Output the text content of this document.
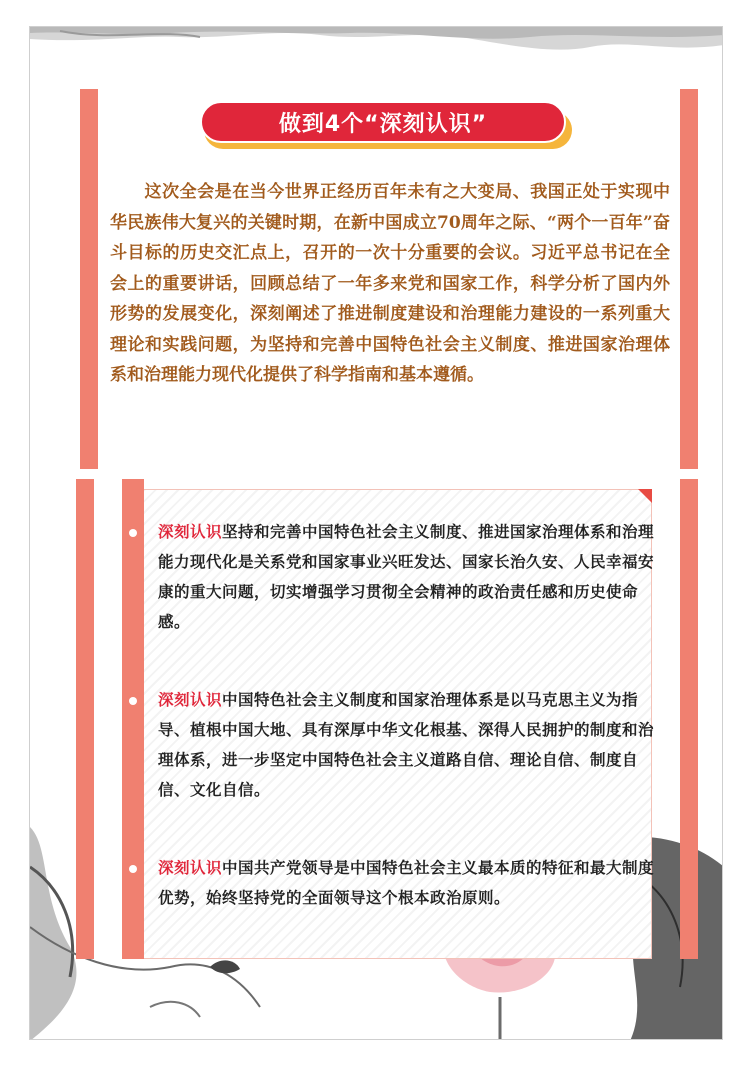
做到4个“深刻认识”
这次全会是在当今世界正经历百年未有之大变局、我国正处于实现中华民族伟大复兴的关键时期，在新中国成立70周年之际、“两个一百年”奋斗目标的历史交汇点上，召开的一次十分重要的会议。习近平总书记在全会上的重要讲话，回顾总结了一年多来党和国家工作，科学分析了国内外形势的发展变化，深刻阐述了推进制度建设和治理能力建设的一系列重大理论和实践问题，为坚持和完善中国特色社会主义制度、推进国家治理体系和治理能力现代化提供了科学指南和基本遵循。
深刻认识坚持和完善中国特色社会主义制度、推进国家治理体系和治理能力现代化是关系党和国家事业兴旺发达、国家长治久安、人民幸福安康的重大问题，切实增强学习贯彻全会精神的政治责任感和历史使命感。
深刻认识中国特色社会主义制度和国家治理体系是以马克思主义为指导、植根中国大地、具有深厚中华文化根基、深得人民拥护的制度和治理体系，进一步坚定中国特色社会主义道路自信、理论自信、制度自信、文化自信。
深刻认识中国共产党领导是中国特色社会主义最本质的特征和最大制度优势，始终坚持党的全面领导这个根本政治原则。
